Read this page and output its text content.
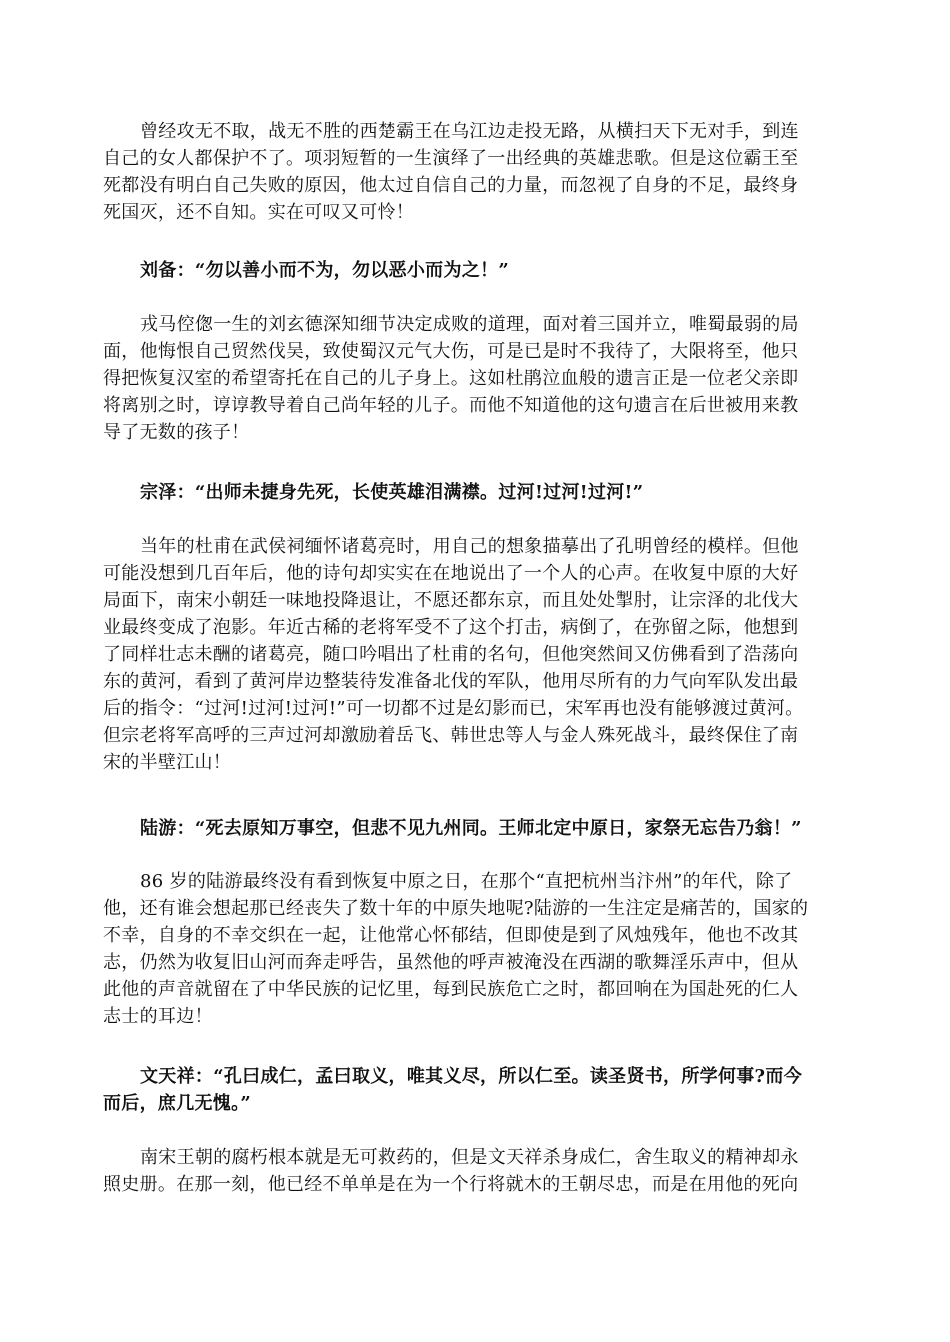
曾经攻无不取，战无不胜的西楚霸王在乌江边走投无路，从横扫天下无对手，到连
自己的女人都保护不了。项羽短暂的一生演绎了一出经典的英雄悲歌。但是这位霸王至
死都没有明白自己失败的原因，他太过自信自己的力量，而忽视了自身的不足，最终身
死国灭，还不自知。实在可叹又可怜！
刘备：“勿以善小而不为，勿以恶小而为之！”
戎马倥偬一生的刘玄德深知细节决定成败的道理，面对着三国并立，唯蜀最弱的局
面，他悔恨自己贸然伐吴，致使蜀汉元气大伤，可是已是时不我待了，大限将至，他只
得把恢复汉室的希望寄托在自己的儿子身上。这如杜鹃泣血般的遗言正是一位老父亲即
将离别之时，谆谆教导着自己尚年轻的儿子。而他不知道他的这句遗言在后世被用来教
导了无数的孩子！
宗泽：“出师未捷身先死，长使英雄泪满襟。过河!过河!过河!”
当年的杜甫在武侯祠缅怀诸葛亮时，用自己的想象描摹出了孔明曾经的模样。但他
可能没想到几百年后，他的诗句却实实在在地说出了一个人的心声。在收复中原的大好
局面下，南宋小朝廷一味地投降退让，不愿还都东京，而且处处掣肘，让宗泽的北伐大
业最终变成了泡影。年近古稀的老将军受不了这个打击，病倒了，在弥留之际，他想到
了同样壮志未酬的诸葛亮，随口吟唱出了杜甫的名句，但他突然间又仿佛看到了浩荡向
东的黄河，看到了黄河岸边整装待发准备北伐的军队，他用尽所有的力气向军队发出最
后的指令：“过河!过河!过河!”可一切都不过是幻影而已，宋军再也没有能够渡过黄河。
但宗老将军高呼的三声过河却激励着岳飞、韩世忠等人与金人殊死战斗，最终保住了南
宋的半壁江山！
陆游：“死去原知万事空，但悲不见九州同。王师北定中原日，家祭无忘告乃翁！”
86 岁的陆游最终没有看到恢复中原之日，在那个“直把杭州当汴州”的年代，除了
他，还有谁会想起那已经丧失了数十年的中原失地呢?陆游的一生注定是痛苦的，国家的
不幸，自身的不幸交织在一起，让他常心怀郁结，但即使是到了风烛残年，他也不改其
志，仍然为收复旧山河而奔走呼告，虽然他的呼声被淹没在西湖的歌舞淫乐声中，但从
此他的声音就留在了中华民族的记忆里，每到民族危亡之时，都回响在为国赴死的仁人
志士的耳边！
文天祥：“孔曰成仁，孟曰取义，唯其义尽，所以仁至。读圣贤书，所学何事?而今
而后，庶几无愧。”
南宋王朝的腐朽根本就是无可救药的，但是文天祥杀身成仁，舍生取义的精神却永
照史册。在那一刻，他已经不单单是在为一个行将就木的王朝尽忠，而是在用他的死向
